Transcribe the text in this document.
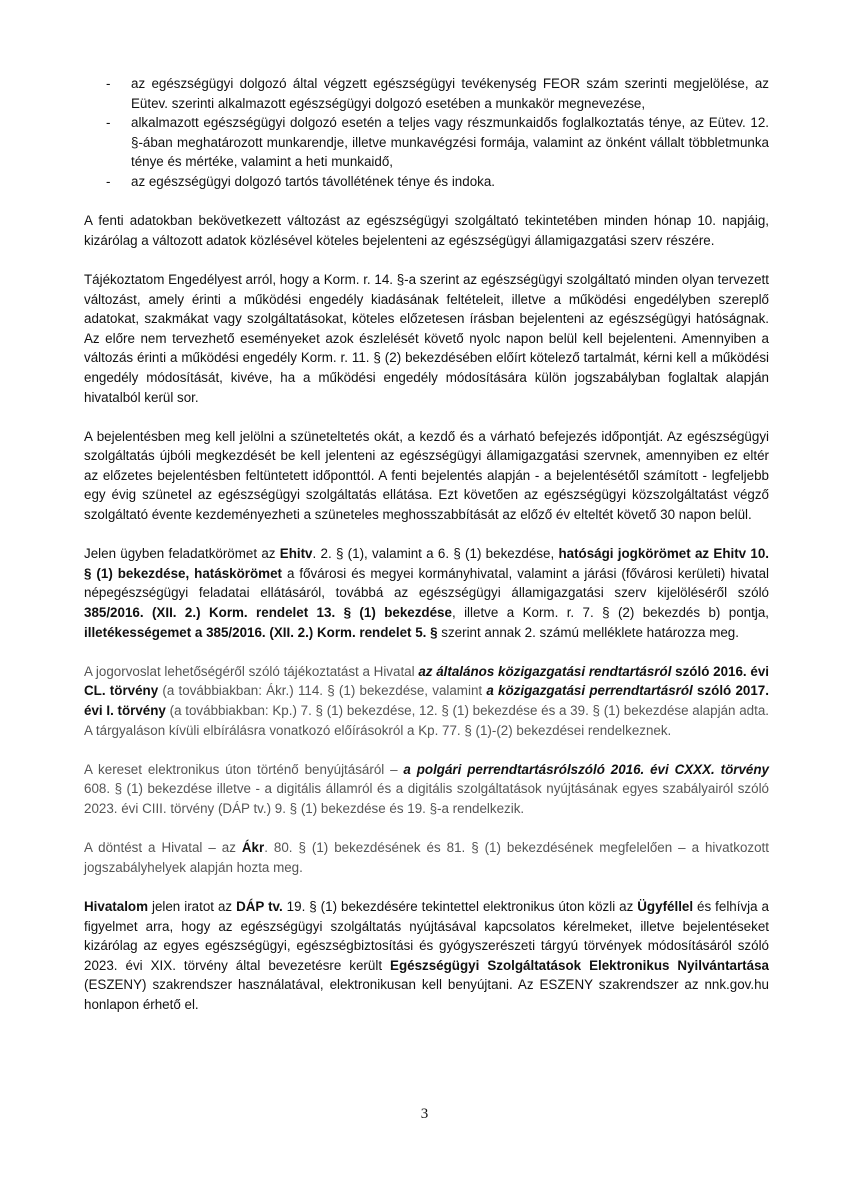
- az egészségügyi dolgozó által végzett egészségügyi tevékenység FEOR szám szerinti megjelölése, az Eütev. szerinti alkalmazott egészségügyi dolgozó esetében a munkakör megnevezése,
- alkalmazott egészségügyi dolgozó esetén a teljes vagy részmunkaidős foglalkoztatás ténye, az Eütev. 12. §-ában meghatározott munkarendje, illetve munkavégzési formája, valamint az önként vállalt többletmunka ténye és mértéke, valamint a heti munkaidő,
- az egészségügyi dolgozó tartós távollétének ténye és indoka.

A fenti adatokban bekövetkezett változást az egészségügyi szolgáltató tekintetében minden hónap 10. napjáig, kizárólag a változott adatok közlésével köteles bejelenteni az egészségügyi államigazgatási szerv részére.

Tájékoztatom Engedélyest arról, hogy a Korm. r. 14. §-a szerint az egészségügyi szolgáltató minden olyan tervezett változást, amely érinti a működési engedély kiadásának feltételeit, illetve a működési engedélyben szereplő adatokat, szakmákat vagy szolgáltatásokat, köteles előzetesen írásban bejelenteni az egészségügyi hatóságnak. Az előre nem tervezhető eseményeket azok észlelését követő nyolc napon belül kell bejelenteni. Amennyiben a változás érinti a működési engedély Korm. r. 11. § (2) bekezdésében előírt kötelező tartalmát, kérni kell a működési engedély módosítását, kivéve, ha a működési engedély módosítására külön jogszabályban foglaltak alapján hivatalból kerül sor.

A bejelentésben meg kell jelölni a szüneteltetés okát, a kezdő és a várható befejezés időpontját. Az egészségügyi szolgáltatás újbóli megkezdését be kell jelenteni az egészségügyi államigazgatási szervnek, amennyiben ez eltér az előzetes bejelentésben feltüntetett időponttól. A fenti bejelentés alapján - a bejelentésétől számított - legfeljebb egy évig szünetel az egészségügyi szolgáltatás ellátása. Ezt követően az egészségügyi közszolgáltatást végző szolgáltató évente kezdeményezheti a szüneteles meghosszabbítását az előző év elteltét követő 30 napon belül.

Jelen ügyben feladatkörömet az Ehitv. 2. § (1), valamint a 6. § (1) bekezdése, hatósági jogkörömet az Ehitv 10. § (1) bekezdése, hatáskörömet a fővárosi és megyei kormányhivatal, valamint a járási (fővárosi kerületi) hivatal népegészségügyi feladatai ellátásáról, továbbá az egészségügyi államigazgatási szerv kijelöléséről szóló 385/2016. (XII. 2.) Korm. rendelet 13. § (1) bekezdése, illetve a Korm. r. 7. § (2) bekezdés b) pontja, illetékességemet a 385/2016. (XII. 2.) Korm. rendelet 5. § szerint annak 2. számú melléklete határozza meg.

A jogorvoslat lehetőségéről szóló tájékoztatást a Hivatal az általános közigazgatási rendtartásról szóló 2016. évi CL. törvény (a továbbiakban: Ákr.) 114. § (1) bekezdése, valamint a közigazgatási perrendtartásról szóló 2017. évi I. törvény (a továbbiakban: Kp.) 7. § (1) bekezdése, 12. § (1) bekezdése és a 39. § (1) bekezdése alapján adta. A tárgyaláson kívüli elbírálásra vonatkozó előírásokról a Kp. 77. § (1)-(2) bekezdései rendelkeznek.

A kereset elektronikus úton történő benyújtásáról – a polgári perrendtartásrólszóló 2016. évi CXXX. törvény 608. § (1) bekezdése illetve - a digitális államról és a digitális szolgáltatások nyújtásának egyes szabályairól szóló 2023. évi CIII. törvény (DÁP tv.) 9. § (1) bekezdése és 19. §-a rendelkezik.

A döntést a Hivatal – az Ákr. 80. § (1) bekezdésének és 81. § (1) bekezdésének megfelelően – a hivatkozott jogszabályhelyek alapján hozta meg.

Hivatalom jelen iratot az DÁP tv. 19. § (1) bekezdésére tekintettel elektronikus úton közli az Ügyféllel és felhívja a figyelmet arra, hogy az egészségügyi szolgáltatás nyújtásával kapcsolatos kérelmeket, illetve bejelentéseket kizárólag az egyes egészségügyi, egészségbiztosítási és gyógyszerészeti tárgyú törvények módosításáról szóló 2023. évi XIX. törvény által bevezetésre került Egészségügyi Szolgáltatások Elektronikus Nyilvántartása (ESZENY) szakrendszer használatával, elektronikusan kell benyújtani. Az ESZENY szakrendszer az nnk.gov.hu honlapon érhető el.

3
